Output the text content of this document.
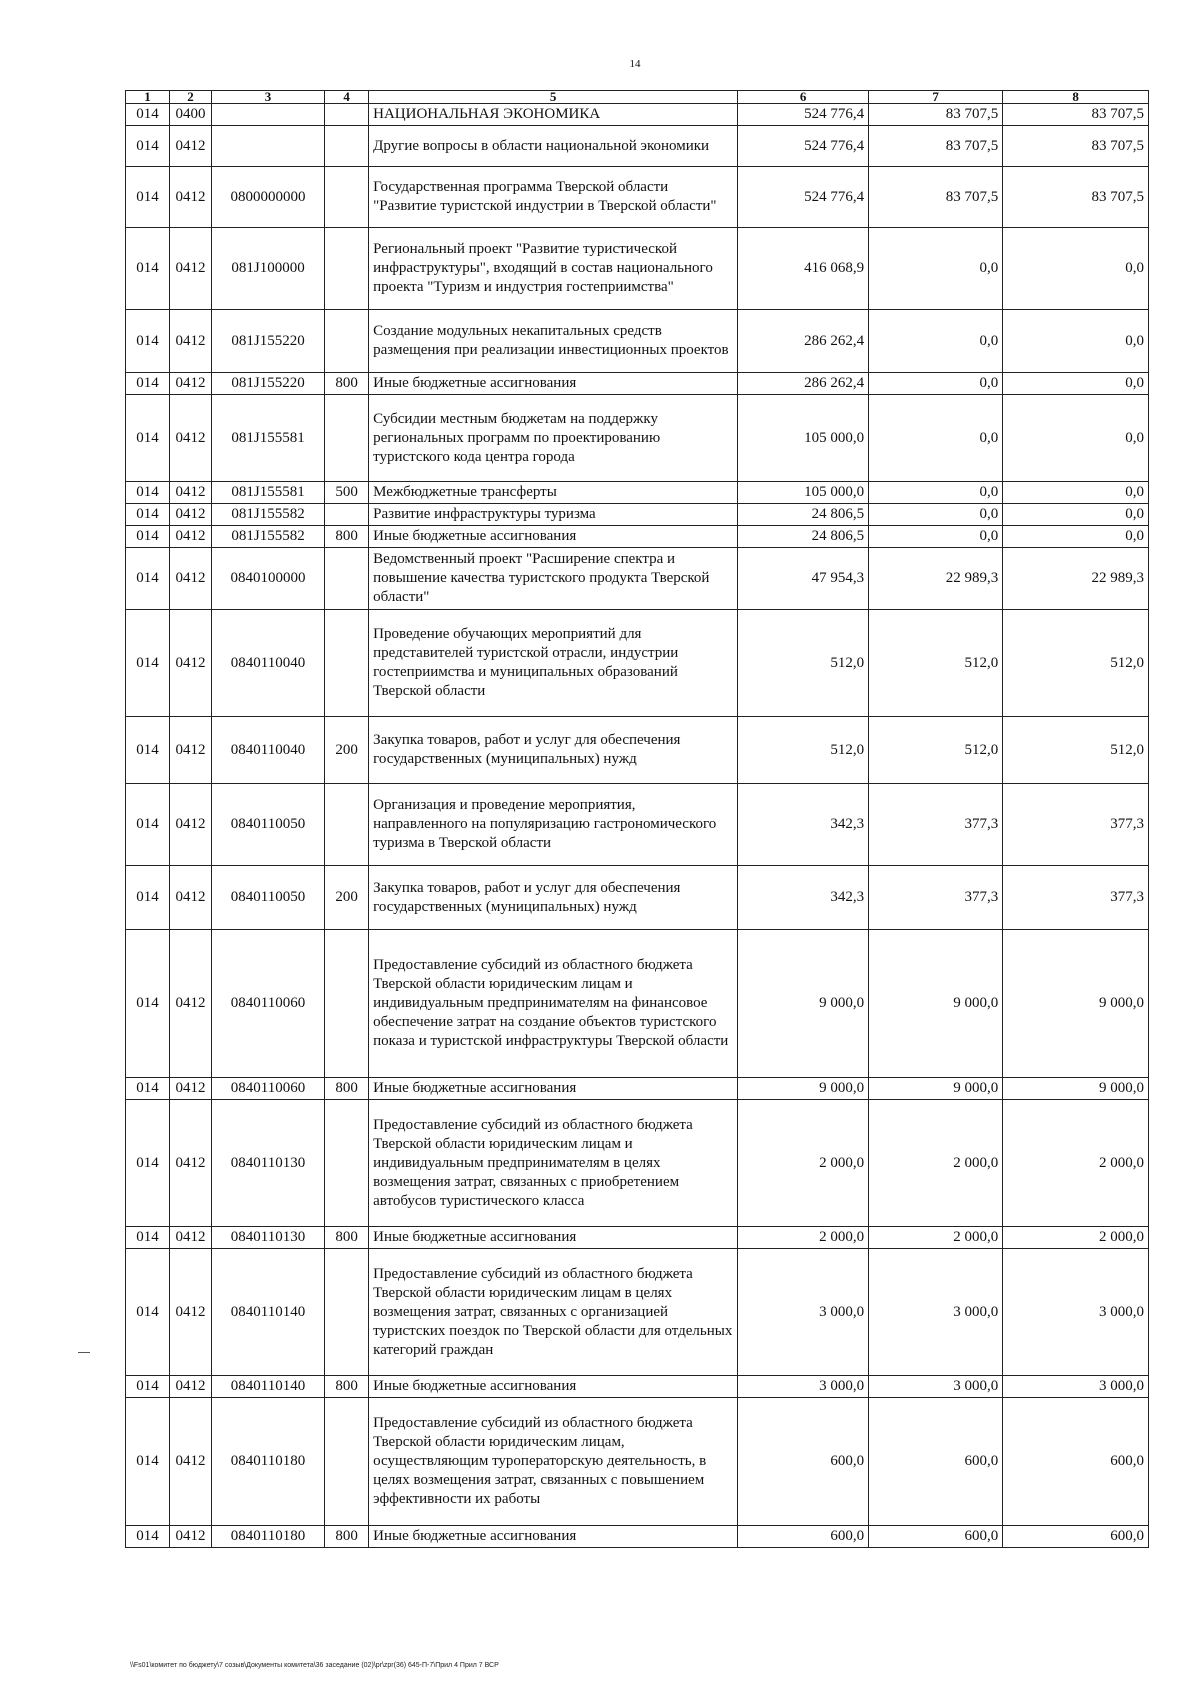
14
1	2	3	4	5	6	7	8
014	0400			НАЦИОНАЛЬНАЯ ЭКОНОМИКА	524 776,4	83 707,5	83 707,5
014	0412			Другие вопросы в области национальной экономики	524 776,4	83 707,5	83 707,5
014	0412	0800000000		Государственная программа Тверской области "Развитие туристской индустрии в Тверской области"	524 776,4	83 707,5	83 707,5
014	0412	081J100000		Региональный проект "Развитие туристической инфраструктуры", входящий в состав национального проекта "Туризм и индустрия гостеприимства"	416 068,9	0,0	0,0
014	0412	081J155220		Создание модульных некапитальных средств размещения при реализации инвестиционных проектов	286 262,4	0,0	0,0
014	0412	081J155220	800	Иные бюджетные ассигнования	286 262,4	0,0	0,0
014	0412	081J155581		Субсидии местным бюджетам на поддержку региональных программ по проектированию туристского кода центра города	105 000,0	0,0	0,0
014	0412	081J155581	500	Межбюджетные трансферты	105 000,0	0,0	0,0
014	0412	081J155582		Развитие инфраструктуры туризма	24 806,5	0,0	0,0
014	0412	081J155582	800	Иные бюджетные ассигнования	24 806,5	0,0	0,0
014	0412	0840100000		Ведомственный проект "Расширение спектра и повышение качества туристского продукта Тверской области"	47 954,3	22 989,3	22 989,3
014	0412	0840110040		Проведение обучающих мероприятий для представителей туристской отрасли, индустрии гостеприимства и муниципальных образований Тверской области	512,0	512,0	512,0
014	0412	0840110040	200	Закупка товаров, работ и услуг для обеспечения государственных (муниципальных) нужд	512,0	512,0	512,0
014	0412	0840110050		Организация и проведение мероприятия, направленного на популяризацию гастрономического туризма в Тверской области	342,3	377,3	377,3
014	0412	0840110050	200	Закупка товаров, работ и услуг для обеспечения государственных (муниципальных) нужд	342,3	377,3	377,3
014	0412	0840110060		Предоставление субсидий из областного бюджета Тверской области юридическим лицам и индивидуальным предпринимателям на финансовое обеспечение затрат на создание объектов туристского показа и туристской инфраструктуры Тверской области	9 000,0	9 000,0	9 000,0
014	0412	0840110060	800	Иные бюджетные ассигнования	9 000,0	9 000,0	9 000,0
014	0412	0840110130		Предоставление субсидий из областного бюджета Тверской области юридическим лицам и индивидуальным предпринимателям в целях возмещения затрат, связанных с приобретением автобусов туристического класса	2 000,0	2 000,0	2 000,0
014	0412	0840110130	800	Иные бюджетные ассигнования	2 000,0	2 000,0	2 000,0
014	0412	0840110140		Предоставление субсидий из областного бюджета Тверской области юридическим лицам в целях возмещения затрат, связанных с организацией туристских поездок по Тверской области для отдельных категорий граждан	3 000,0	3 000,0	3 000,0
014	0412	0840110140	800	Иные бюджетные ассигнования	3 000,0	3 000,0	3 000,0
014	0412	0840110180		Предоставление субсидий из областного бюджета Тверской области юридическим лицам, осуществляющим туроператорскую деятельность, в целях возмещения затрат, связанных с повышением эффективности их работы	600,0	600,0	600,0
014	0412	0840110180	800	Иные бюджетные ассигнования	600,0	600,0	600,0
\\Fs01\комитет по бюджету\7 созыв\Документы комитета\36 заседание (02)\pr\zpr(36) 645-П-7\Прил 4 Прил 7 ВСР
